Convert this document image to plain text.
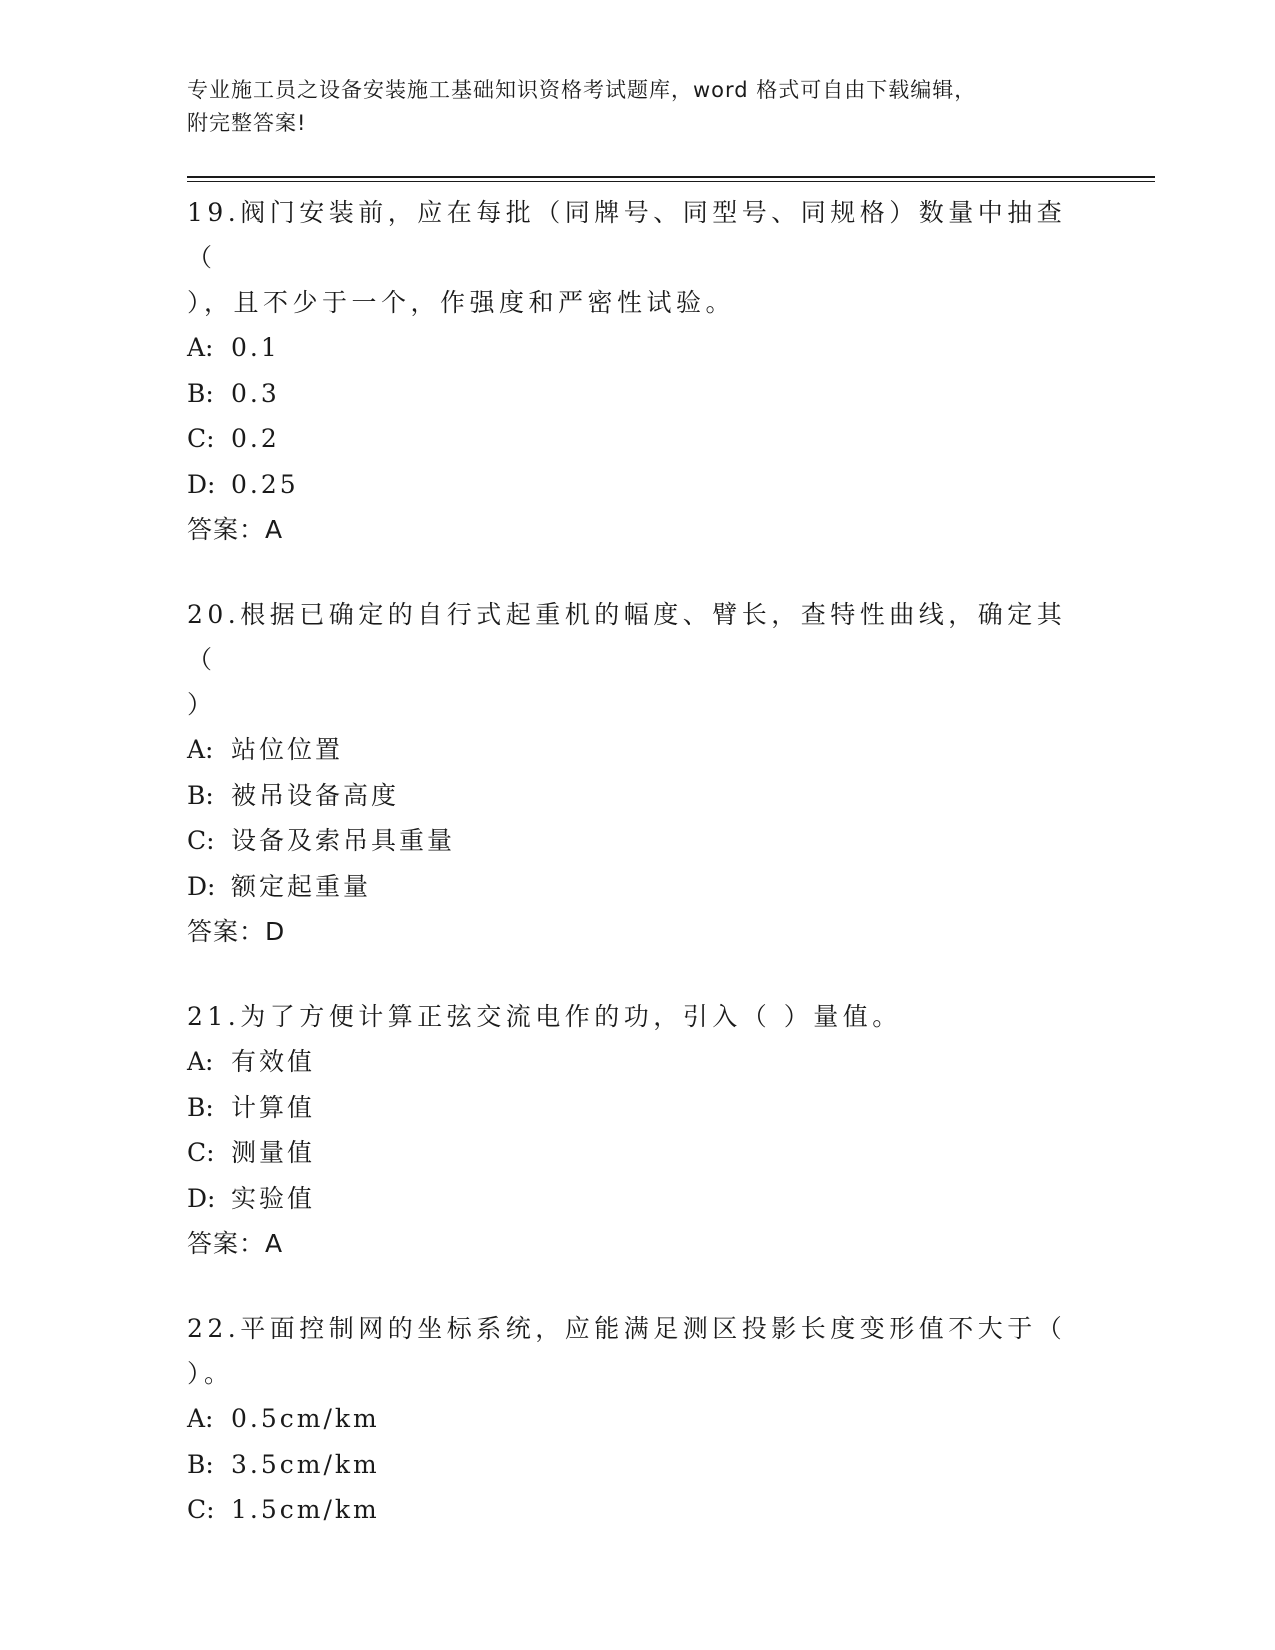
专业施工员之设备安装施工基础知识资格考试题库，word 格式可自由下载编辑，
附完整答案!

19.阀门安装前，应在每批（同牌号、同型号、同规格）数量中抽查（

），且不少于一个，作强度和严密性试验。

A: 0.1

B: 0.3

C: 0.2

D: 0.25

答案：A

20.根据已确定的自行式起重机的幅度、臂长，查特性曲线，确定其（

）

A: 站位位置

B: 被吊设备高度

C: 设备及索吊具重量

D: 额定起重量

答案：D

21.为了方便计算正弦交流电作的功，引入（ ）量值。

A: 有效值

B: 计算值

C: 测量值

D: 实验值

答案：A

22.平面控制网的坐标系统，应能满足测区投影长度变形值不大于（

）。

A: 0.5cm/km

B: 3.5cm/km

C: 1.5cm/km
